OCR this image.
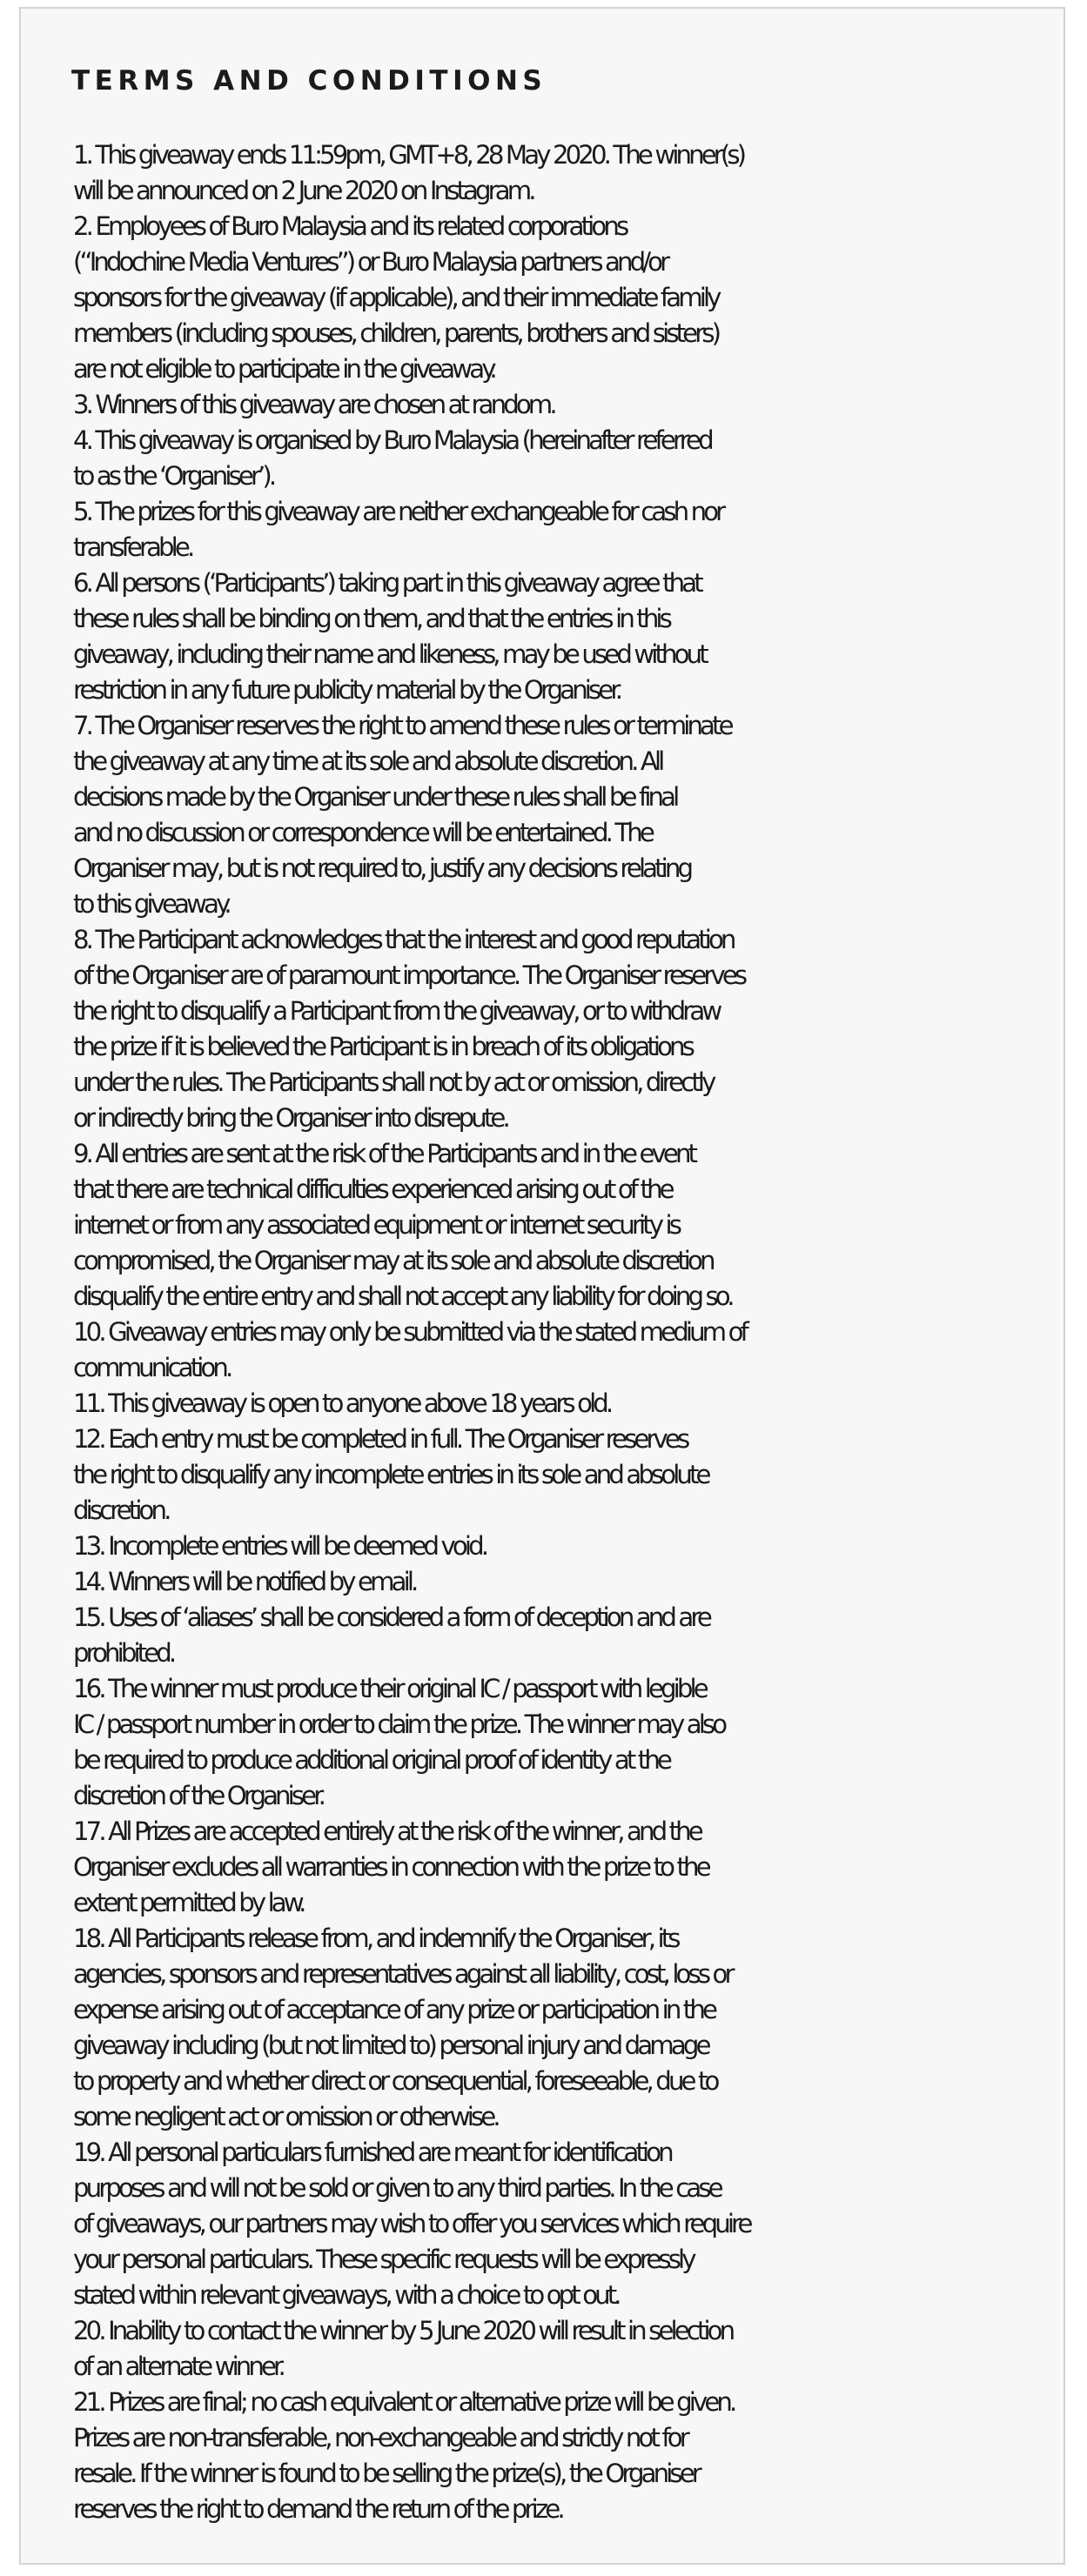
TERMS AND CONDITIONS
1. This giveaway ends 11:59pm, GMT+8, 28 May 2020. The winner(s)
will be announced on 2 June 2020 on Instagram.
2. Employees of Buro Malaysia and its related corporations
(“Indochine Media Ventures”) or Buro Malaysia partners and/or
sponsors for the giveaway (if applicable), and their immediate family
members (including spouses, children, parents, brothers and sisters)
are not eligible to participate in the giveaway.
3. Winners of this giveaway are chosen at random.
4. This giveaway is organised by Buro Malaysia (hereinafter referred
to as the ‘Organiser’).
5. The prizes for this giveaway are neither exchangeable for cash nor
transferable.
6. All persons (‘Participants’) taking part in this giveaway agree that
these rules shall be binding on them, and that the entries in this
giveaway, including their name and likeness, may be used without
restriction in any future publicity material by the Organiser.
7. The Organiser reserves the right to amend these rules or terminate
the giveaway at any time at its sole and absolute discretion. All
decisions made by the Organiser under these rules shall be final
and no discussion or correspondence will be entertained. The
Organiser may, but is not required to, justify any decisions relating
to this giveaway.
8. The Participant acknowledges that the interest and good reputation
of the Organiser are of paramount importance. The Organiser reserves
the right to disqualify a Participant from the giveaway, or to withdraw
the prize if it is believed the Participant is in breach of its obligations
under the rules. The Participants shall not by act or omission, directly
or indirectly bring the Organiser into disrepute.
9. All entries are sent at the risk of the Participants and in the event
that there are technical difficulties experienced arising out of the
internet or from any associated equipment or internet security is
compromised, the Organiser may at its sole and absolute discretion
disqualify the entire entry and shall not accept any liability for doing so.
10. Giveaway entries may only be submitted via the stated medium of
communication.
11. This giveaway is open to anyone above 18 years old.
12. Each entry must be completed in full. The Organiser reserves
the right to disqualify any incomplete entries in its sole and absolute
discretion.
13. Incomplete entries will be deemed void.
14. Winners will be notified by email.
15. Uses of ‘aliases’ shall be considered a form of deception and are
prohibited.
16. The winner must produce their original IC / passport with legible
IC / passport number in order to claim the prize. The winner may also
be required to produce additional original proof of identity at the
discretion of the Organiser.
17. All Prizes are accepted entirely at the risk of the winner, and the
Organiser excludes all warranties in connection with the prize to the
extent permitted by law.
18. All Participants release from, and indemnify the Organiser, its
agencies, sponsors and representatives against all liability, cost, loss or
expense arising out of acceptance of any prize or participation in the
giveaway including (but not limited to) personal injury and damage
to property and whether direct or consequential, foreseeable, due to
some negligent act or omission or otherwise.
19. All personal particulars furnished are meant for identification
purposes and will not be sold or given to any third parties. In the case
of giveaways, our partners may wish to offer you services which require
your personal particulars. These specific requests will be expressly
stated within relevant giveaways, with a choice to opt out.
20. Inability to contact the winner by 5 June 2020 will result in selection
of an alternate winner.
21. Prizes are final; no cash equivalent or alternative prize will be given.
Prizes are non-transferable, non-exchangeable and strictly not for
resale. If the winner is found to be selling the prize(s), the Organiser
reserves the right to demand the return of the prize.
